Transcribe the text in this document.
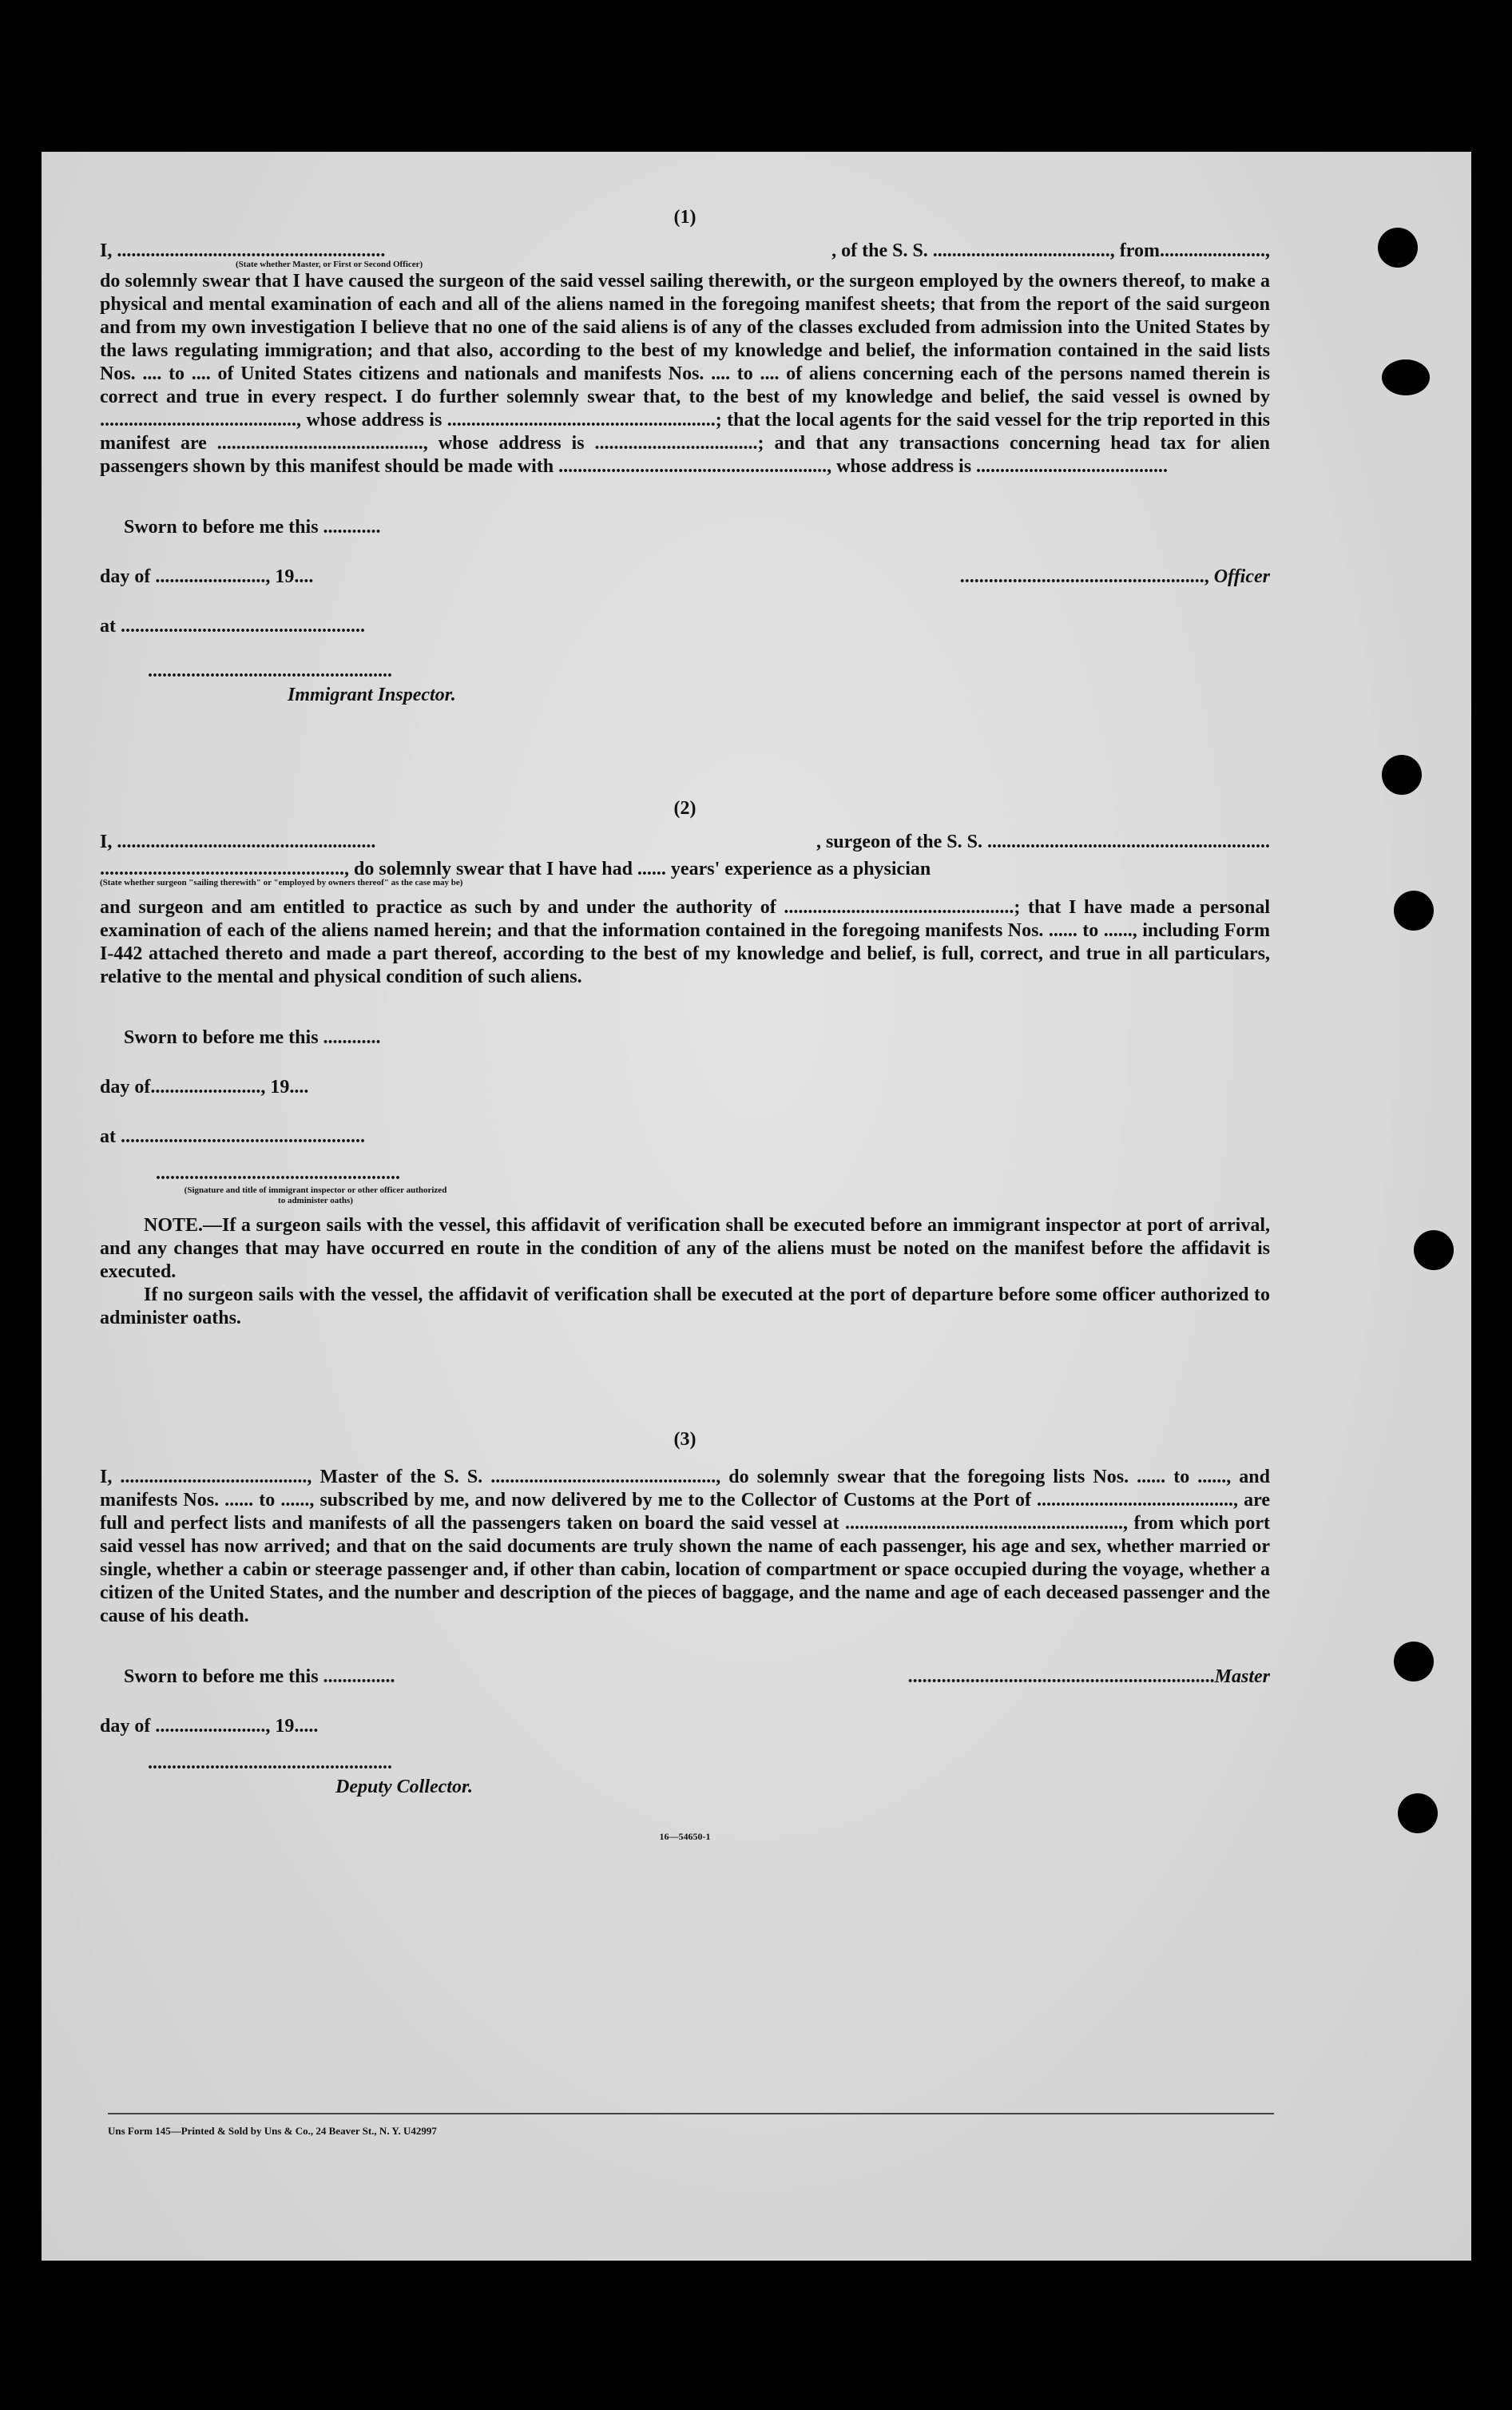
(1)
I, ........................................................	, of the S. S. ....................................., from......................,
(State whether Master, or First or Second Officer)
do solemnly swear that I have caused the surgeon of the said vessel sailing therewith, or the surgeon employed by the owners thereof, to make a physical and mental examination of each and all of the aliens named in the foregoing manifest sheets; that from the report of the said surgeon and from my own investigation I believe that no one of the said aliens is of any of the classes excluded from admission into the United States by the laws regulating immigration; and that also, according to the best of my knowledge and belief, the information contained in the said lists Nos. .... to .... of United States citizens and nationals and manifests Nos. .... to .... of aliens concerning each of the persons named therein is correct and true in every respect. I do further solemnly swear that, to the best of my knowledge and belief, the said vessel is owned by ........................................., whose address is ........................................................; that the local agents for the said vessel for the trip reported in this manifest are ..........................................., whose address is ..................................; and that any transactions concerning head tax for alien passengers shown by this manifest should be made with ........................................................, whose address is ........................................
Sworn to before me this ............
day of ......................., 19....	..................................................., Officer
at ...................................................
...................................................
Immigrant Inspector.
(2)
I, ......................................................	, surgeon of the S. S. ...........................................................
..................................................., do solemnly swear that I have had ...... years' experience as a physician
(State whether surgeon "sailing therewith" or "employed by owners thereof" as the case may be)
and surgeon and am entitled to practice as such by and under the authority of ................................................; that I have made a personal examination of each of the aliens named herein; and that the information contained in the foregoing manifests Nos. ...... to ......, including Form I-442 attached thereto and made a part thereof, according to the best of my knowledge and belief, is full, correct, and true in all particulars, relative to the mental and physical condition of such aliens.
Sworn to before me this ............
day of......................., 19....
at ...................................................
...................................................
(Signature and title of immigrant inspector or other officer authorized to administer oaths)

NOTE.—If a surgeon sails with the vessel, this affidavit of verification shall be executed before an immigrant inspector at port of arrival, and any changes that may have occurred en route in the condition of any of the aliens must be noted on the manifest before the affidavit is executed.

If no surgeon sails with the vessel, the affidavit of verification shall be executed at the port of departure before some officer authorized to administer oaths.

(3)
I, ......................................., Master of the S. S. ..............................................., do solemnly swear that the foregoing lists Nos. ...... to ......, and manifests Nos. ...... to ......, subscribed by me, and now delivered by me to the Collector of Customs at the Port of ........................................., are full and perfect lists and manifests of all the passengers taken on board the said vessel at .........................................................., from which port said vessel has now arrived; and that on the said documents are truly shown the name of each passenger, his age and sex, whether married or single, whether a cabin or steerage passenger and, if other than cabin, location of compartment or space occupied during the voyage, whether a citizen of the United States, and the number and description of the pieces of baggage, and the name and age of each deceased passenger and the cause of his death.
Sworn to before me this ...............	................................................................Master
day of ......................., 19.....
...................................................
Deputy Collector.
16—54650-1
Uns Form 145—Printed & Sold by Uns & Co., 24 Beaver St., N. Y. U42997
